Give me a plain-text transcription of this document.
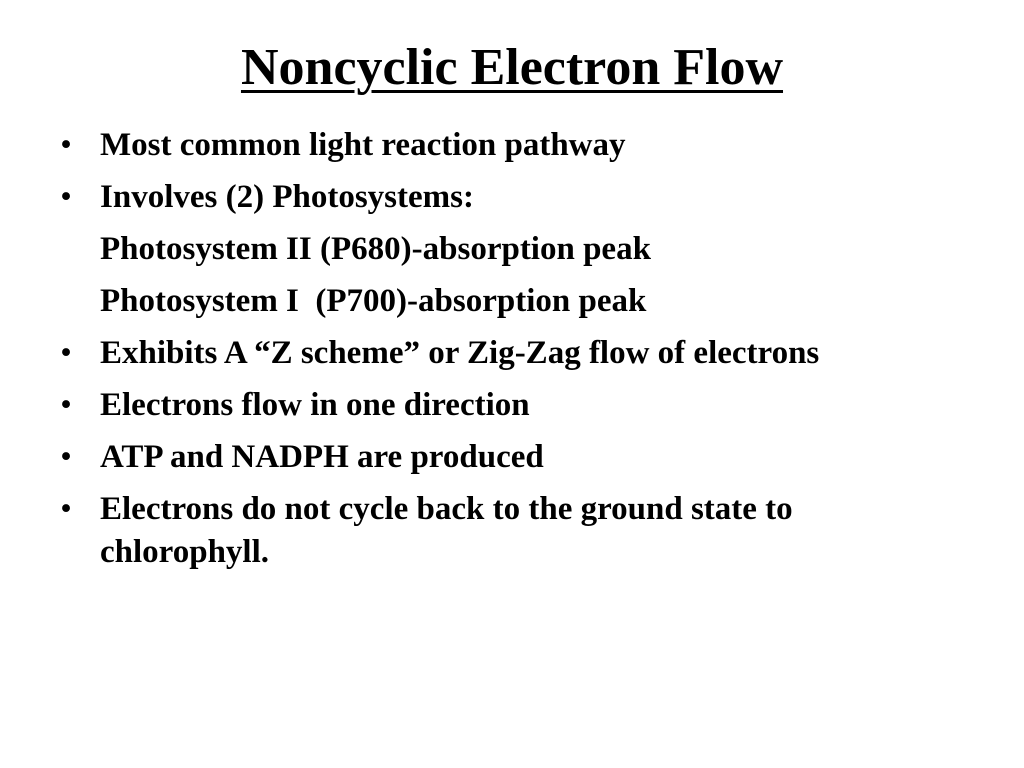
Noncyclic Electron Flow
• Most common light reaction pathway
• Involves (2) Photosystems:
Photosystem II (P680)-absorption peak
Photosystem I  (P700)-absorption peak
• Exhibits A “Z scheme” or Zig-Zag flow of electrons
• Electrons flow in one direction
• ATP and NADPH are produced
• Electrons do not cycle back to the ground state to chlorophyll.
